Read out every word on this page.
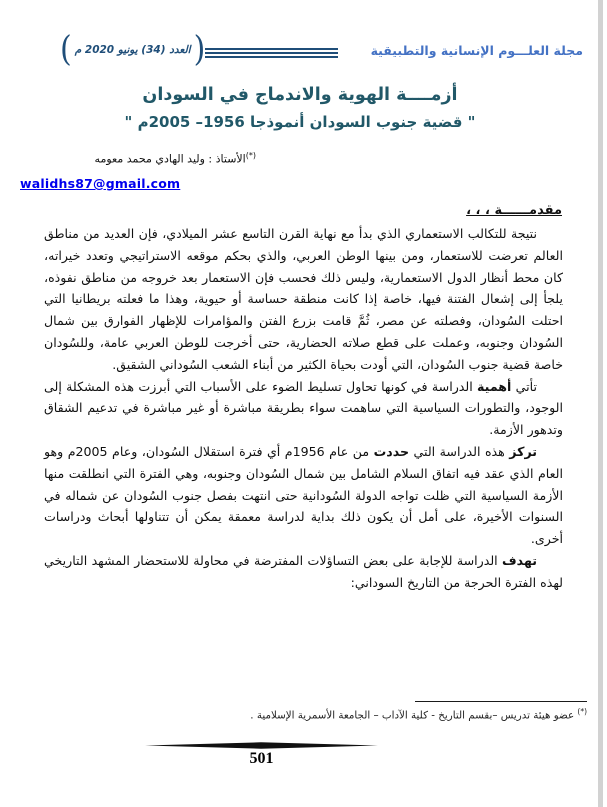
مجلة العلـــوم الإنسانية والتطبيقية
( العدد (34) يونيو 2020 م )
أزمــــة الهوية والاندماج في السودان
" قضية جنوب السودان أنموذجا 1956– 2005م "
(*)الأستاذ : وليد الهادي محمد معومه
walidhs87@gmail.com
مقدمــــــة ، ، ،

نتيجة للتكالب الاستعماري الذي بدأ مع نهاية القرن التاسع عشر الميلادي، فإن العديد من مناطق العالم تعرضت للاستعمار، ومن بينها الوطن العربي، والذي بحكم موقعه الاستراتيجي وتعدد خيراته، كان محط أنظار الدول الاستعمارية، وليس ذلك فحسب فإن الاستعمار بعد خروجه من مناطق نفوذه، يلجأ إلى إشعال الفتنة فيها، خاصة إذا كانت منطقة حساسة أو حيوية، وهذا ما فعلته بريطانيا التي احتلت السُودان، وفصلته عن مصر، ثُمَّ قامت بزرع الفتن والمؤامرات للإظهار الفوارق بين شمال السُودان وجنوبه، وعملت على قطع صلاته الحضارية، حتى أخرجت للوطن العربي عامة، وللسُودان خاصة قضية جنوب السُودان، التي أودت بحياة الكثير من أبناء الشعب السُوداني الشقيق.

تأتي أهمية الدراسة في كونها تحاول تسليط الضوء على الأسباب التي أبرزت هذه المشكلة إلى الوجود، والتطورات السياسية التي ساهمت سواء بطريقة مباشرة أو غير مباشرة في تدعيم الشقاق وتدهور الأزمة.

تركز هذه الدراسة التي حددت من عام 1956م أي فترة استقلال السُودان، وعام 2005م وهو العام الذي عقد فيه اتفاق السلام الشامل بين شمال السُودان وجنوبه، وهي الفترة التي انطلقت منها الأزمة السياسية التي ظلت تواجه الدولة السُودانية حتى انتهت بفصل جنوب السُودان عن شماله في السنوات الأخيرة، على أمل أن يكون ذلك بداية لدراسة معمقة يمكن أن تتناولها أبحاث ودراسات أخرى.

تهدف الدراسة للإجابة على بعض التساؤلات المفترضة في محاولة للاستحضار المشهد التاريخي لهذه الفترة الحرجة من التاريخ السوداني:

(*) عضو هيئة تدريس –بقسم التاريخ - كلية الآداب – الجامعة الأسمرية الإسلامية .
501
